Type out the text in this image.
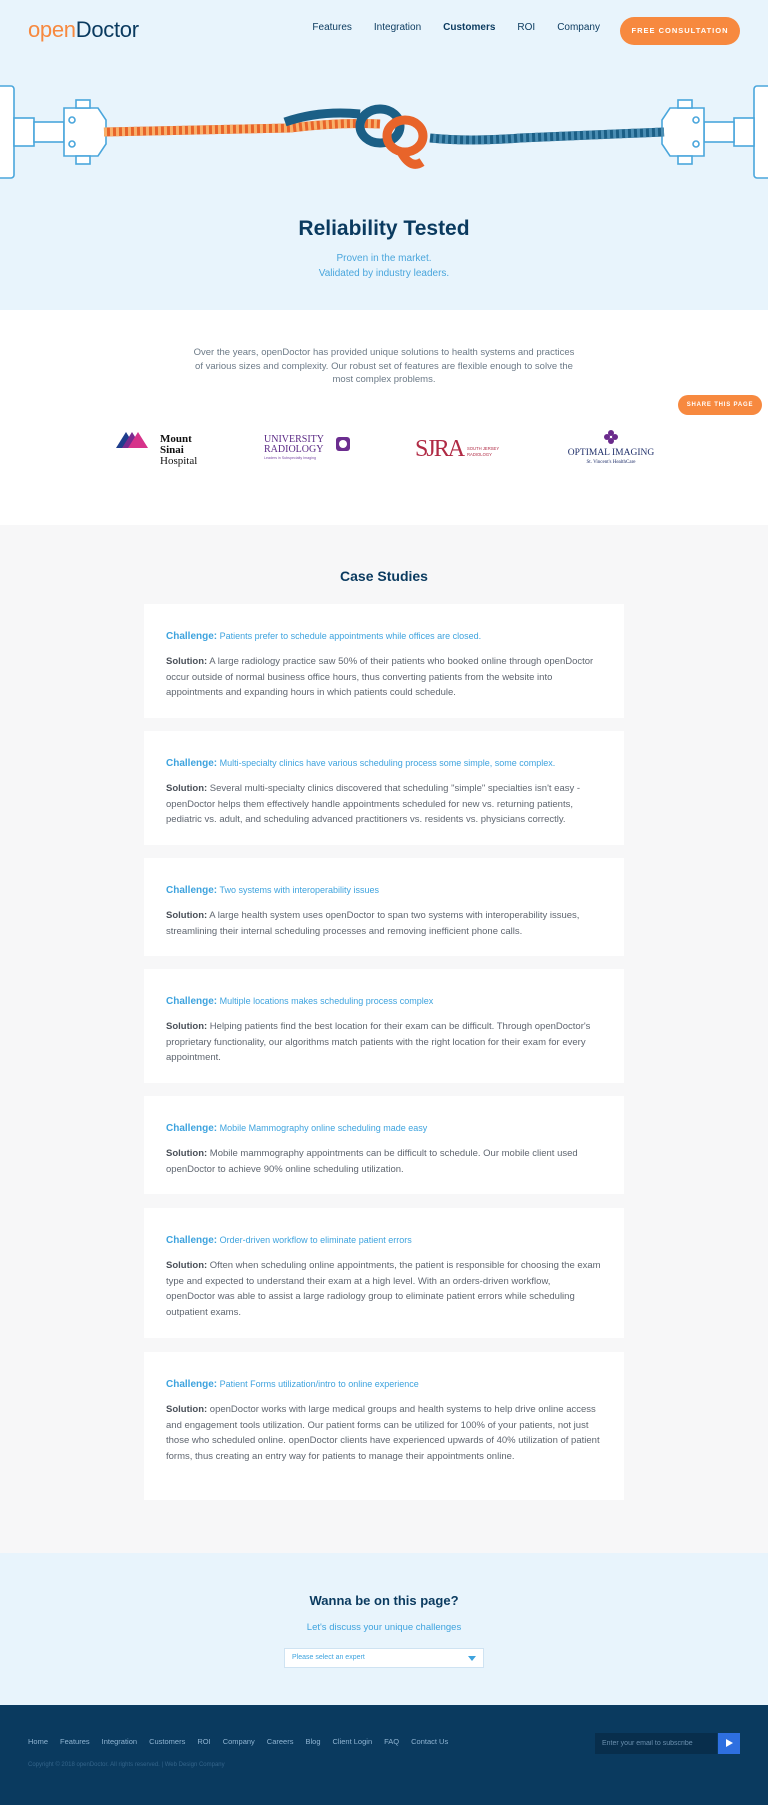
openDoctor	Features Integration Customers ROI Company	FREE CONSULTATION
Reliability Tested
Proven in the market.
Validated by industry leaders.

Over the years, openDoctor has provided unique solutions to health systems and practices of various sizes and complexity. Our robust set of features are flexible enough to solve the most complex problems.

SHARE THIS PAGE
Mount
Sinai
Hospital
UNIVERSITY
RADIOLOGY
Leaders in Subspecialty Imaging	SJRA SOUTH JERSEY
RADIOLOGY	OPTIMAL IMAGING
St. Vincent's HealthCare
Case Studies
Challenge: Patients prefer to schedule appointments while offices are closed.
Solution: A large radiology practice saw 50% of their patients who booked online through openDoctor occur outside of normal business office hours, thus converting patients from the website into appointments and expanding hours in which patients could schedule.
Challenge: Multi-specialty clinics have various scheduling process some simple, some complex.
Solution: Several multi-specialty clinics discovered that scheduling "simple" specialties isn't easy - openDoctor helps them effectively handle appointments scheduled for new vs. returning patients, pediatric vs. adult, and scheduling advanced practitioners vs. residents vs. physicians correctly.
Challenge: Two systems with interoperability issues
Solution: A large health system uses openDoctor to span two systems with interoperability issues, streamlining their internal scheduling processes and removing inefficient phone calls.
Challenge: Multiple locations makes scheduling process complex
Solution: Helping patients find the best location for their exam can be difficult. Through openDoctor's proprietary functionality, our algorithms match patients with the right location for their exam for every appointment.
Challenge: Mobile Mammography online scheduling made easy
Solution: Mobile mammography appointments can be difficult to schedule. Our mobile client used openDoctor to achieve 90% online scheduling utilization.
Challenge: Order-driven workflow to eliminate patient errors
Solution: Often when scheduling online appointments, the patient is responsible for choosing the exam type and expected to understand their exam at a high level. With an orders-driven workflow, openDoctor was able to assist a large radiology group to eliminate patient errors while scheduling outpatient exams.
Challenge: Patient Forms utilization/intro to online experience
Solution: openDoctor works with large medical groups and health systems to help drive online access and engagement tools utilization. Our patient forms can be utilized for 100% of your patients, not just those who scheduled online. openDoctor clients have experienced upwards of 40% utilization of patient forms, thus creating an entry way for patients to manage their appointments online.
Wanna be on this page?
Let's discuss your unique challenges
Please select an expert
Home Features Integration Customers ROI Company Careers Blog Client Login FAQ Contact Us
Copyright © 2018 openDoctor. All rights reserved. | Web Design Company
Enter your email to subscribe
